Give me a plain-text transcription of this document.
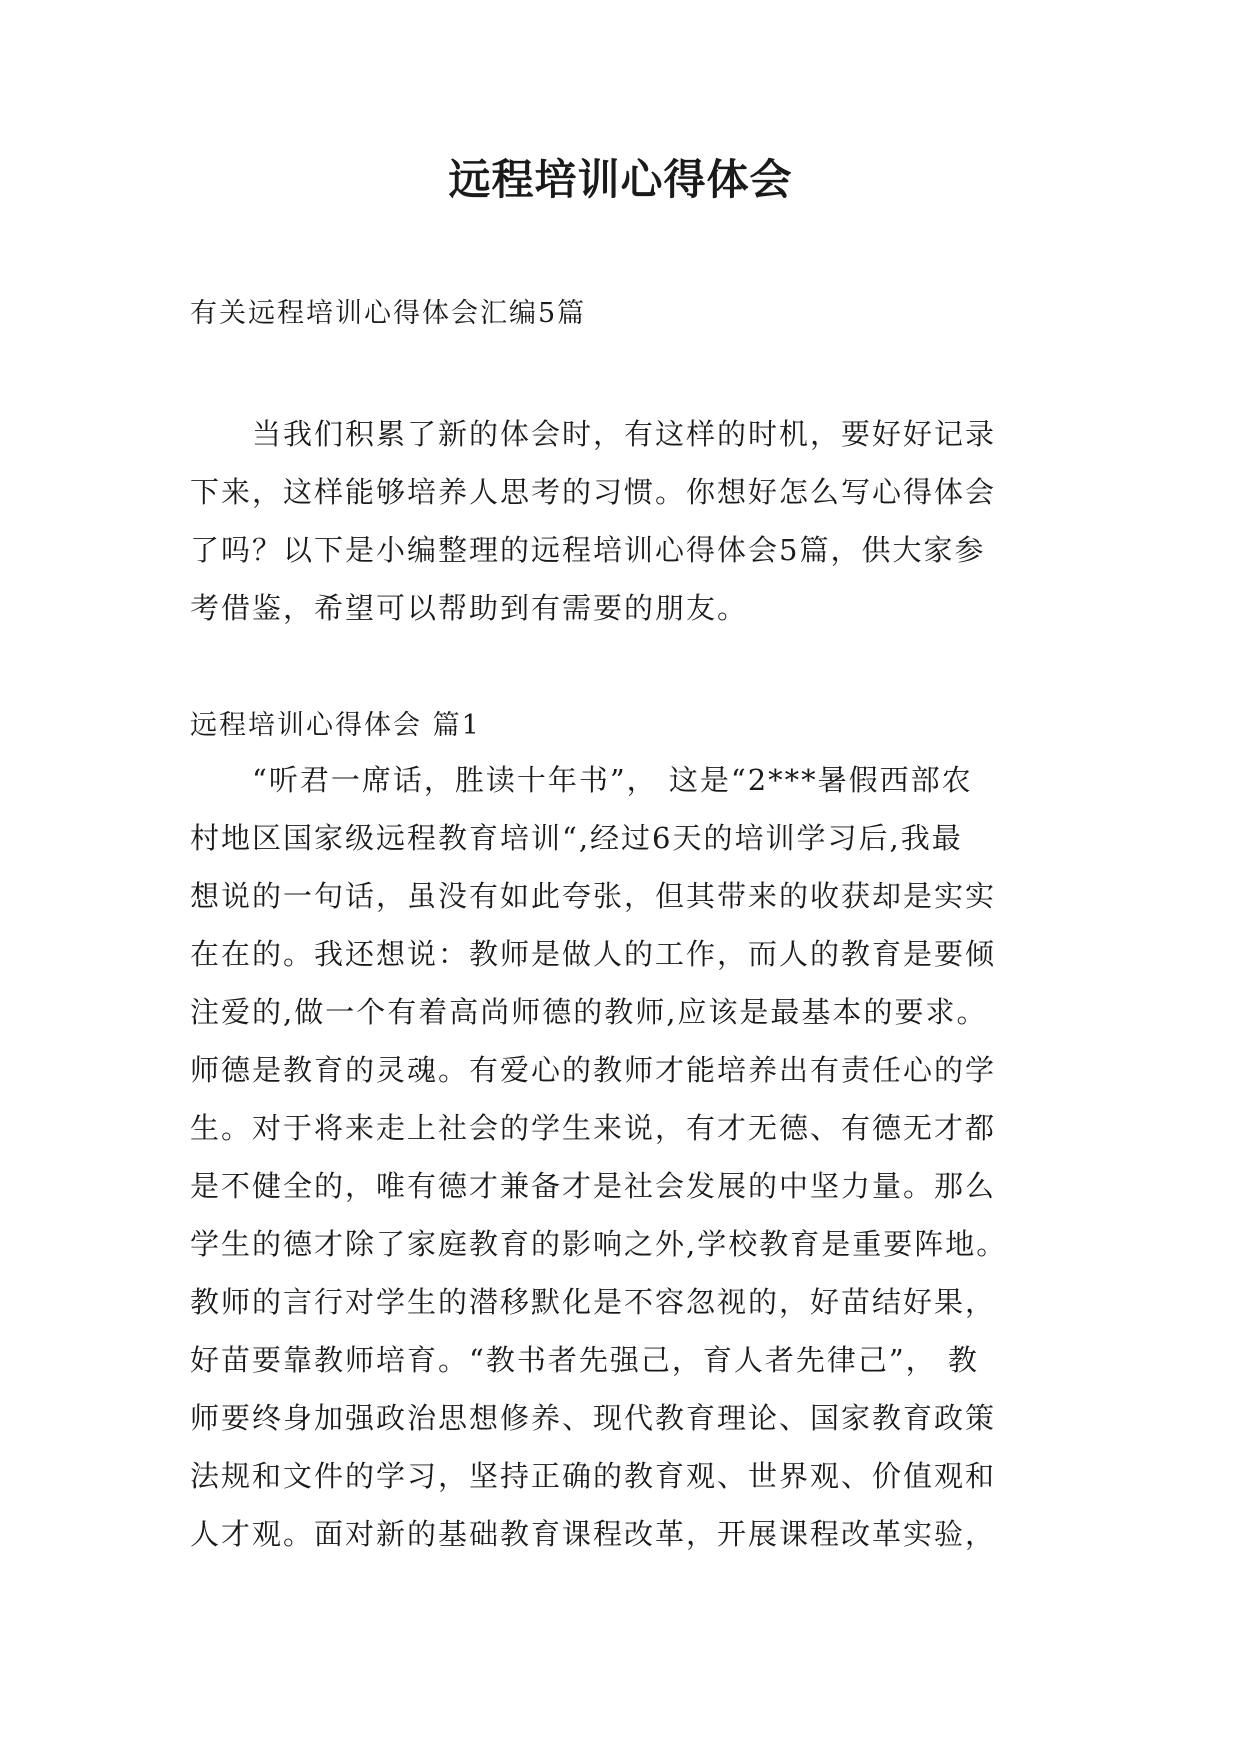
远程培训心得体会

有关远程培训心得体会汇编5篇

　　当我们积累了新的体会时，有这样的时机，要好好记录
下来，这样能够培养人思考的习惯。你想好怎么写心得体会
了吗？以下是小编整理的远程培训心得体会5篇，供大家参
考借鉴，希望可以帮助到有需要的朋友。

远程培训心得体会 篇1

　　“听君一席话，胜读十年书”， 这是“2***暑假西部农
村地区国家级远程教育培训“,经过6天的培训学习后,我最
想说的一句话，虽没有如此夸张，但其带来的收获却是实实
在在的。我还想说：教师是做人的工作，而人的教育是要倾
注爱的,做一个有着高尚师德的教师,应该是最基本的要求。
师德是教育的灵魂。有爱心的教师才能培养出有责任心的学
生。对于将来走上社会的学生来说，有才无德、有德无才都
是不健全的，唯有德才兼备才是社会发展的中坚力量。那么
学生的德才除了家庭教育的影响之外,学校教育是重要阵地。
教师的言行对学生的潜移默化是不容忽视的，好苗结好果，
好苗要靠教师培育。“教书者先强己，育人者先律己”， 教
师要终身加强政治思想修养、现代教育理论、国家教育政策
法规和文件的学习，坚持正确的教育观、世界观、价值观和
人才观。面对新的基础教育课程改革，开展课程改革实验，
